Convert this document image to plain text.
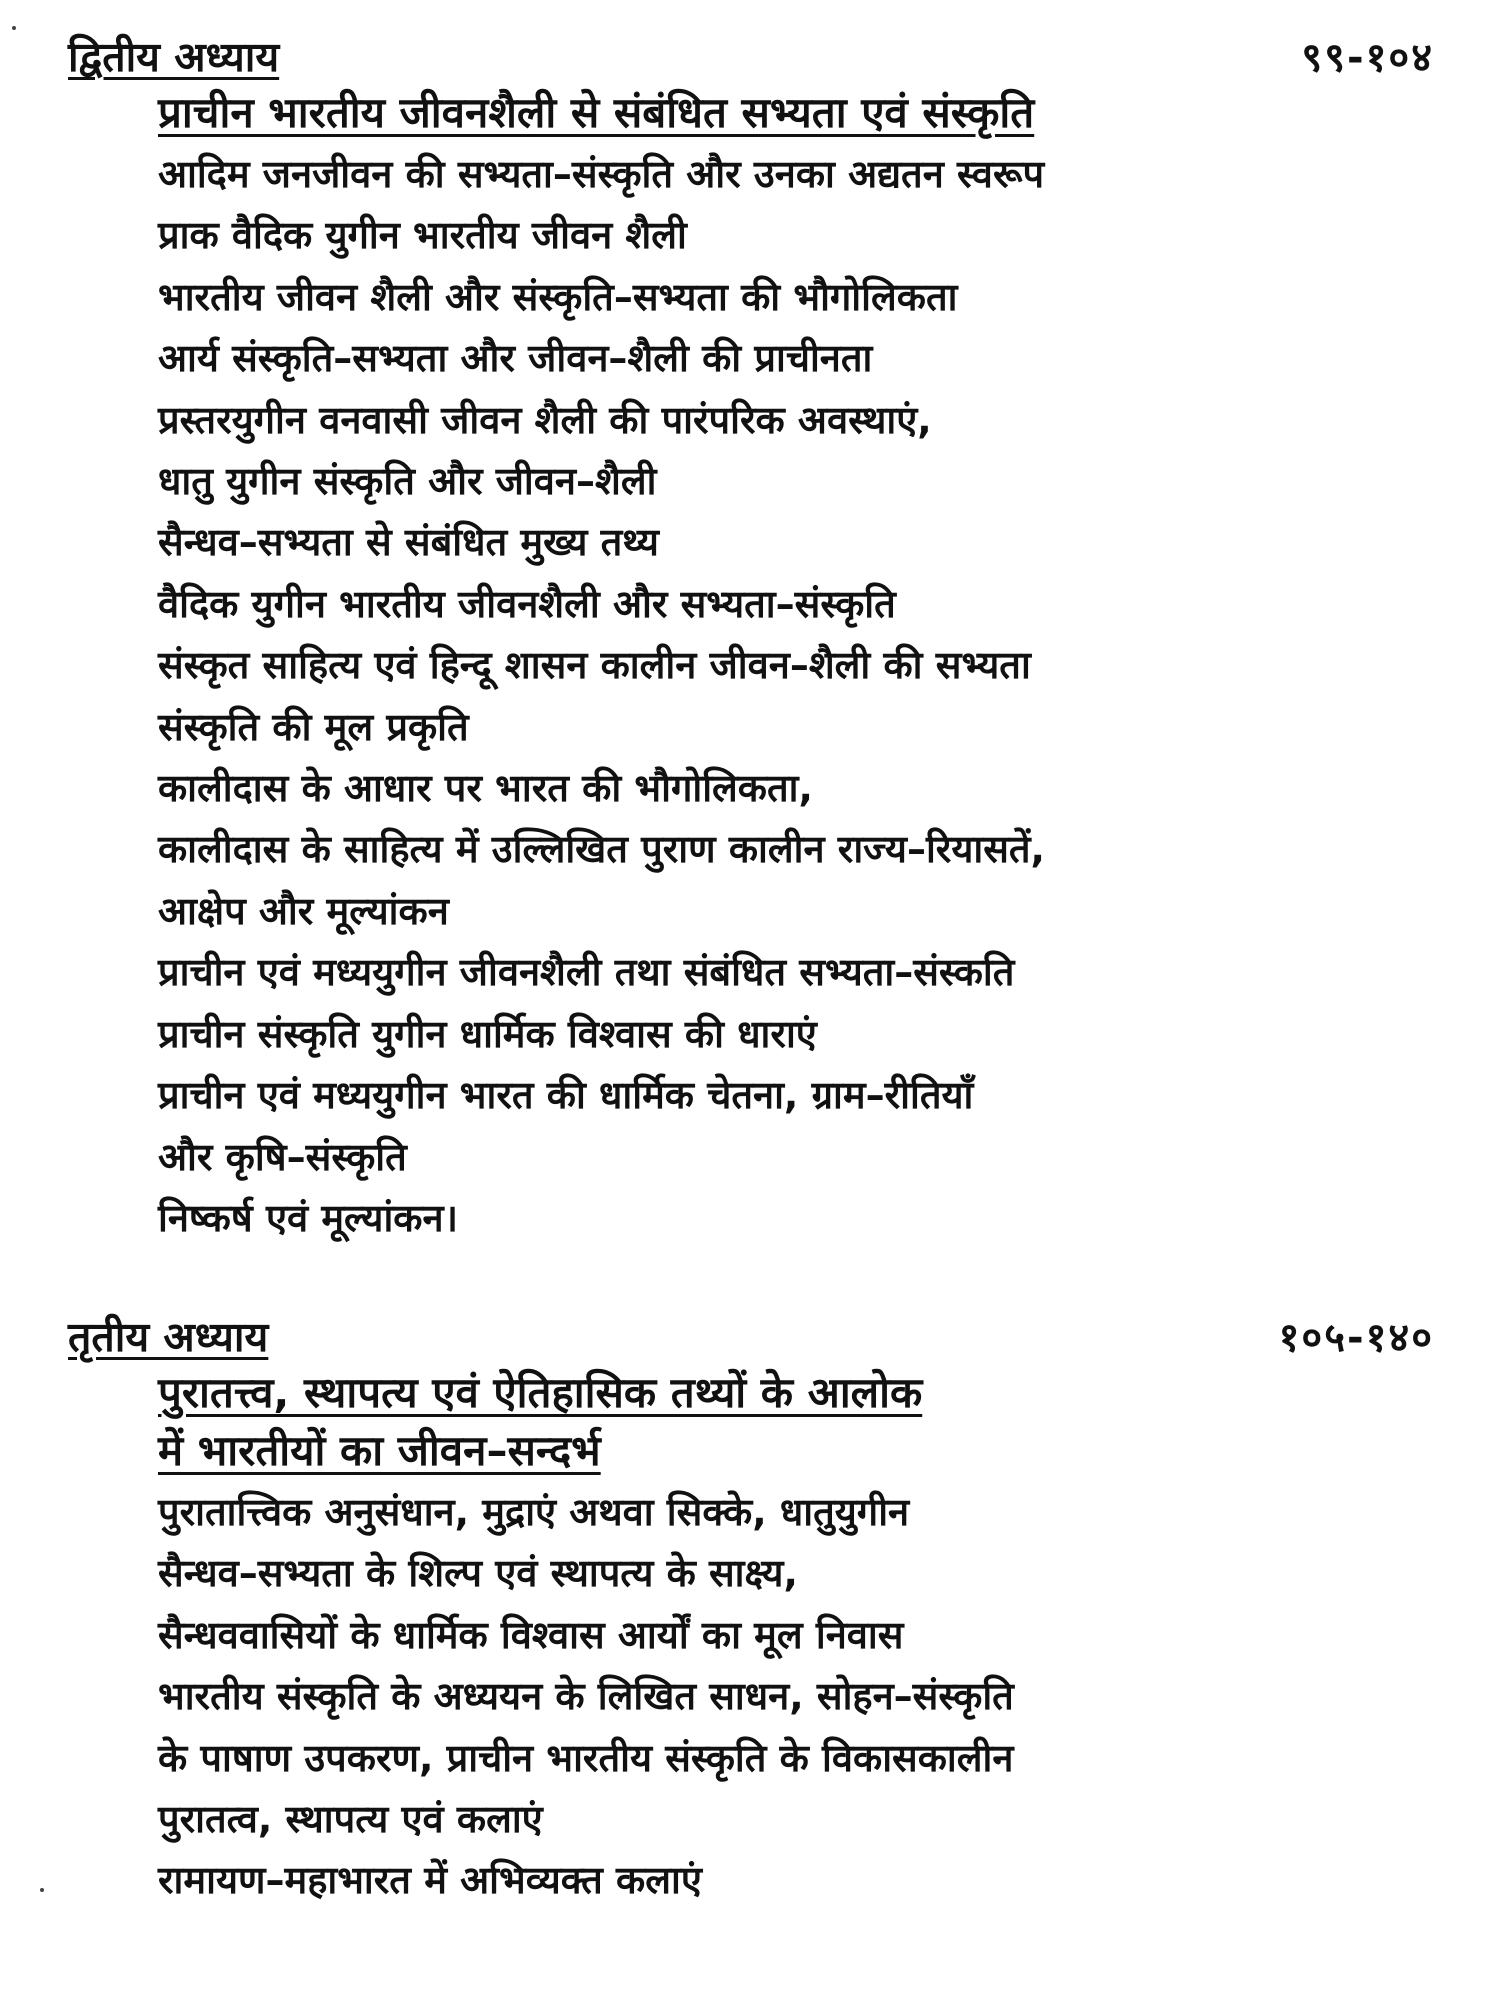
द्वितीय अध्याय	९९-१०४
प्राचीन भारतीय जीवनशैली से संबंधित सभ्यता एवं संस्कृति
आदिम जनजीवन की सभ्यता–संस्कृति और उनका अद्यतन स्वरूप
प्राक वैदिक युगीन भारतीय जीवन शैली
भारतीय जीवन शैली और संस्कृति–सभ्यता की भौगोलिकता
आर्य संस्कृति–सभ्यता और जीवन–शैली की प्राचीनता
प्रस्तरयुगीन वनवासी जीवन शैली की पारंपरिक अवस्थाएं,
धातु युगीन संस्कृति और जीवन–शैली
सैन्धव–सभ्यता से संबंधित मुख्य तथ्य
वैदिक युगीन भारतीय जीवनशैली और सभ्यता–संस्कृति
संस्कृत साहित्य एवं हिन्दू शासन कालीन जीवन–शैली की सभ्यता
संस्कृति की मूल प्रकृति
कालीदास के आधार पर भारत की भौगोलिकता,
कालीदास के साहित्य में उल्लिखित पुराण कालीन राज्य–रियासतें,
आक्षेप और मूल्यांकन
प्राचीन एवं मध्ययुगीन जीवनशैली तथा संबंधित सभ्यता–संस्कति
प्राचीन संस्कृति युगीन धार्मिक विश्वास की धाराएं
प्राचीन एवं मध्ययुगीन भारत की धार्मिक चेतना, ग्राम–रीतियाँ
और कृषि–संस्कृति
निष्कर्ष एवं मूल्यांकन।
तृतीय अध्याय	१०५-१४०
पुरातत्त्व, स्थापत्य एवं ऐतिहासिक तथ्यों के आलोक
में भारतीयों का जीवन–सन्दर्भ
पुरातात्त्विक अनुसंधान, मुद्राएं अथवा सिक्के, धातुयुगीन
सैन्धव–सभ्यता के शिल्प एवं स्थापत्य के साक्ष्य,
सैन्धववासियों के धार्मिक विश्वास आर्यों का मूल निवास
भारतीय संस्कृति के अध्ययन के लिखित साधन, सोहन–संस्कृति
के पाषाण उपकरण, प्राचीन भारतीय संस्कृति के विकासकालीन
पुरातत्व, स्थापत्य एवं कलाएं
रामायण–महाभारत में अभिव्यक्त कलाएं
